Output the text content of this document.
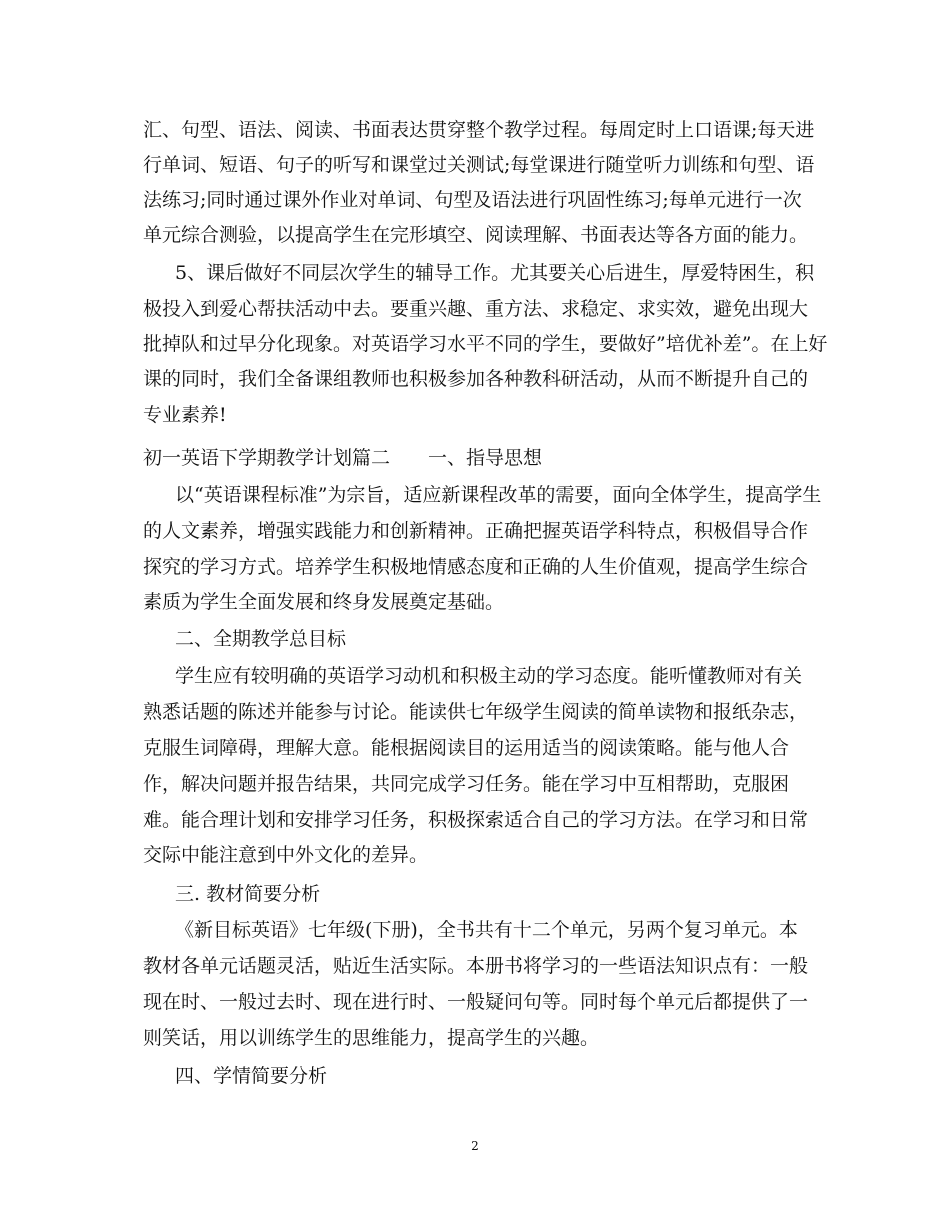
汇、句型、语法、阅读、书面表达贯穿整个教学过程。每周定时上口语课;每天进
行单词、短语、句子的听写和课堂过关测试;每堂课进行随堂听力训练和句型、语
法练习;同时通过课外作业对单词、句型及语法进行巩固性练习;每单元进行一次
单元综合测验，以提高学生在完形填空、阅读理解、书面表达等各方面的能力。
5、课后做好不同层次学生的辅导工作。尤其要关心后进生，厚爱特困生，积
极投入到爱心帮扶活动中去。要重兴趣、重方法、求稳定、求实效，避免出现大
批掉队和过早分化现象。对英语学习水平不同的学生，要做好”培优补差”。在上好
课的同时，我们全备课组教师也积极参加各种教科研活动，从而不断提升自己的
专业素养!
初一英语下学期教学计划篇二　　一、指导思想
以“英语课程标准”为宗旨，适应新课程改革的需要，面向全体学生，提高学生
的人文素养，增强实践能力和创新精神。正确把握英语学科特点，积极倡导合作
探究的学习方式。培养学生积极地情感态度和正确的人生价值观，提高学生综合
素质为学生全面发展和终身发展奠定基础。
二、全期教学总目标
学生应有较明确的英语学习动机和积极主动的学习态度。能听懂教师对有关
熟悉话题的陈述并能参与讨论。能读供七年级学生阅读的简单读物和报纸杂志，
克服生词障碍，理解大意。能根据阅读目的运用适当的阅读策略。能与他人合
作，解决问题并报告结果，共同完成学习任务。能在学习中互相帮助，克服困
难。能合理计划和安排学习任务，积极探索适合自己的学习方法。在学习和日常
交际中能注意到中外文化的差异。
三. 教材简要分析
《新目标英语》七年级(下册)，全书共有十二个单元，另两个复习单元。本
教材各单元话题灵活，贴近生活实际。本册书将学习的一些语法知识点有：一般
现在时、一般过去时、现在进行时、一般疑问句等。同时每个单元后都提供了一
则笑话，用以训练学生的思维能力，提高学生的兴趣。
四、学情简要分析
2
